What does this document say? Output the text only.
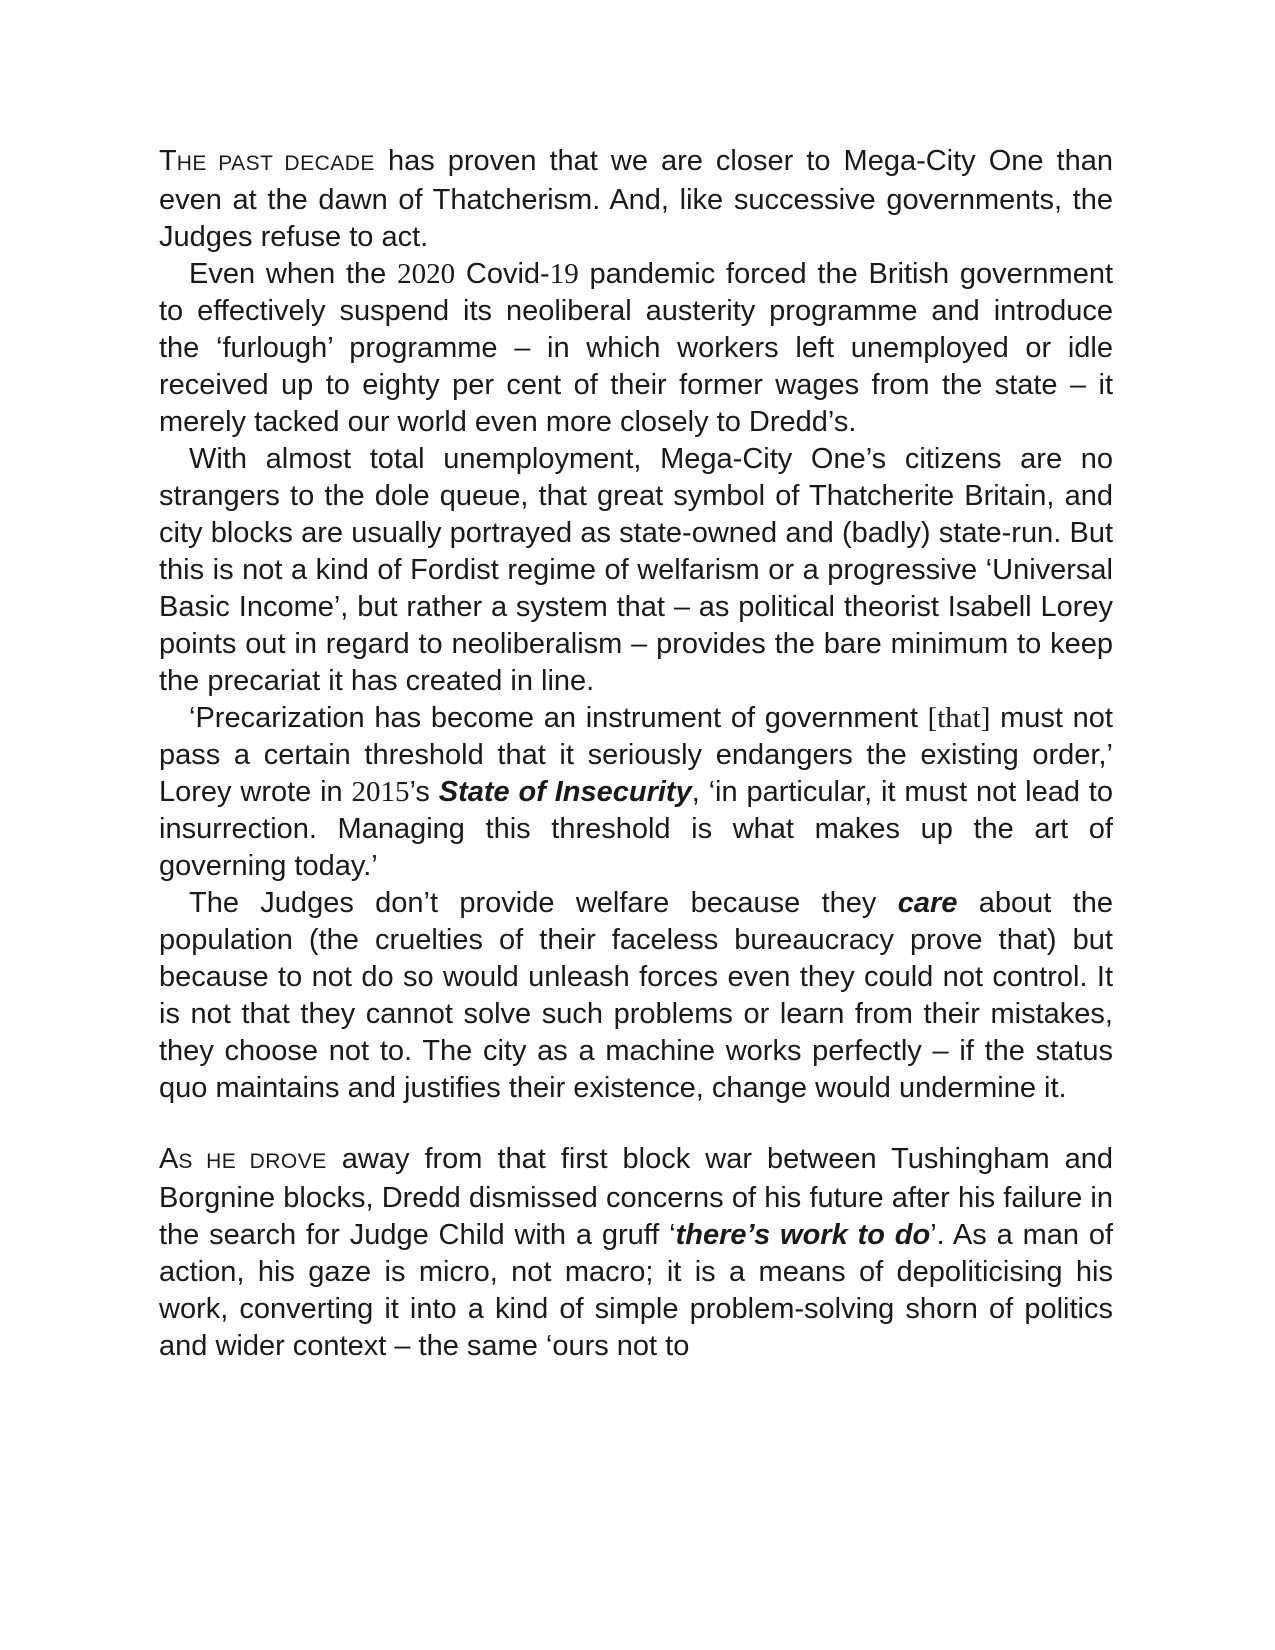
THE PAST DECADE has proven that we are closer to Mega-City One than even at the dawn of Thatcherism. And, like successive governments, the Judges refuse to act.

Even when the 2020 Covid-19 pandemic forced the British government to effectively suspend its neoliberal austerity programme and introduce the ‘furlough’ programme – in which workers left unemployed or idle received up to eighty per cent of their former wages from the state – it merely tacked our world even more closely to Dredd’s.

With almost total unemployment, Mega-City One’s citizens are no strangers to the dole queue, that great symbol of Thatcherite Britain, and city blocks are usually portrayed as state-owned and (badly) state-run. But this is not a kind of Fordist regime of welfarism or a progressive ‘Universal Basic Income’, but rather a system that – as political theorist Isabell Lorey points out in regard to neoliberalism – provides the bare minimum to keep the precariat it has created in line.

‘Precarization has become an instrument of government [that] must not pass a certain threshold that it seriously endangers the existing order,’ Lorey wrote in 2015’s State of Insecurity, ‘in particular, it must not lead to insurrection. Managing this threshold is what makes up the art of governing today.’

The Judges don’t provide welfare because they care about the population (the cruelties of their faceless bureaucracy prove that) but because to not do so would unleash forces even they could not control. It is not that they cannot solve such problems or learn from their mistakes, they choose not to. The city as a machine works perfectly – if the status quo maintains and justifies their existence, change would undermine it.

AS HE DROVE away from that first block war between Tushingham and Borgnine blocks, Dredd dismissed concerns of his future after his failure in the search for Judge Child with a gruff ‘there’s work to do’. As a man of action, his gaze is micro, not macro; it is a means of depoliticising his work, converting it into a kind of simple problem-solving shorn of politics and wider context – the same ‘ours not to
